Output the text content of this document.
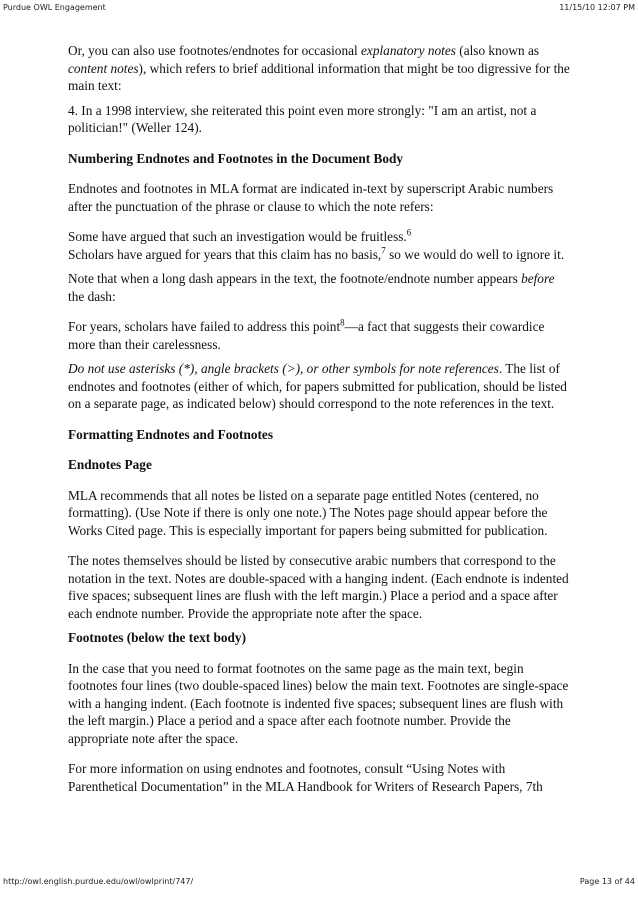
Purdue OWL Engagement	11/15/10 12:07 PM

Or, you can also use footnotes/endnotes for occasional explanatory notes (also known as content notes), which refers to brief additional information that might be too digressive for the main text:

4. In a 1998 interview, she reiterated this point even more strongly: "I am an artist, not a politician!" (Weller 124).

Numbering Endnotes and Footnotes in the Document Body

Endnotes and footnotes in MLA format are indicated in-text by superscript Arabic numbers after the punctuation of the phrase or clause to which the note refers:

Some have argued that such an investigation would be fruitless.$^6$
Scholars have argued for years that this claim has no basis,$^7$ so we would do well to ignore it.

Note that when a long dash appears in the text, the footnote/endnote number appears before the dash:

For years, scholars have failed to address this point$^8$—a fact that suggests their cowardice more than their carelessness.

Do not use asterisks (*), angle brackets (>), or other symbols for note references. The list of endnotes and footnotes (either of which, for papers submitted for publication, should be listed on a separate page, as indicated below) should correspond to the note references in the text.

Formatting Endnotes and Footnotes

Endnotes Page

MLA recommends that all notes be listed on a separate page entitled Notes (centered, no formatting). (Use Note if there is only one note.) The Notes page should appear before the Works Cited page. This is especially important for papers being submitted for publication.

The notes themselves should be listed by consecutive arabic numbers that correspond to the notation in the text. Notes are double-spaced with a hanging indent. (Each endnote is indented five spaces; subsequent lines are flush with the left margin.) Place a period and a space after each endnote number. Provide the appropriate note after the space.

Footnotes (below the text body)

In the case that you need to format footnotes on the same page as the main text, begin footnotes four lines (two double-spaced lines) below the main text. Footnotes are single-space with a hanging indent. (Each footnote is indented five spaces; subsequent lines are flush with the left margin.) Place a period and a space after each footnote number. Provide the appropriate note after the space.

For more information on using endnotes and footnotes, consult “Using Notes with Parenthetical Documentation” in the MLA Handbook for Writers of Research Papers, 7th

http://owl.english.purdue.edu/owl/owlprint/747/	Page 13 of 44
